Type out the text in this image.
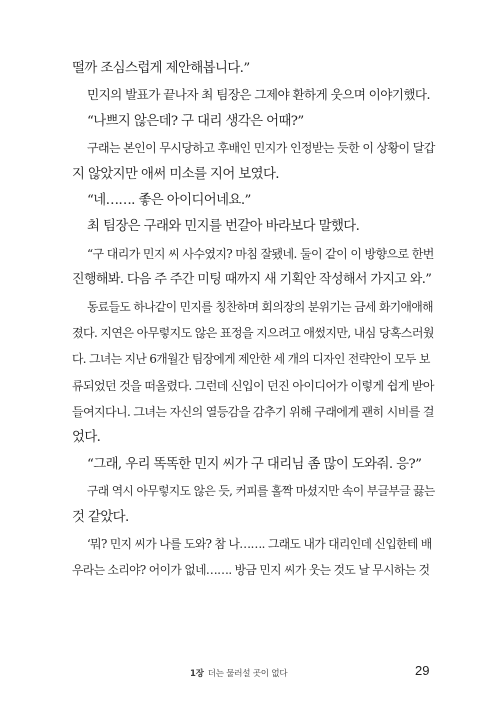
떨까 조심스럽게 제안해봅니다.”
민지의 발표가 끝나자 최 팀장은 그제야 환하게 웃으며 이야기했다.
“나쁘지 않은데? 구 대리 생각은 어때?”
구래는 본인이 무시당하고 후배인 민지가 인정받는 듯한 이 상황이 달갑
지 않았지만 애써 미소를 지어 보였다.
“네……. 좋은 아이디어네요.”
최 팀장은 구래와 민지를 번갈아 바라보다 말했다.
“구 대리가 민지 씨 사수였지? 마침 잘됐네. 둘이 같이 이 방향으로 한번
진행해봐. 다음 주 주간 미팅 때까지 새 기획안 작성해서 가지고 와.”
동료들도 하나같이 민지를 칭찬하며 회의장의 분위기는 금세 화기애애해
졌다. 지연은 아무렇지도 않은 표정을 지으려고 애썼지만, 내심 당혹스러웠
다. 그녀는 지난 6개월간 팀장에게 제안한 세 개의 디자인 전략안이 모두 보
류되었던 것을 떠올렸다. 그런데 신입이 던진 아이디어가 이렇게 쉽게 받아
들여지다니. 그녀는 자신의 열등감을 감추기 위해 구래에게 괜히 시비를 걸
었다.
“그래, 우리 똑똑한 민지 씨가 구 대리님 좀 많이 도와줘. 응?”
구래 역시 아무렇지도 않은 듯, 커피를 홀짝 마셨지만 속이 부글부글 끓는
것 같았다.
‘뭐? 민지 씨가 나를 도와? 참 나……. 그래도 내가 대리인데 신입한테 배
우라는 소리야? 어이가 없네……. 방금 민지 씨가 웃는 것도 날 무시하는 것
1장 더는 물러설 곳이 없다	29
